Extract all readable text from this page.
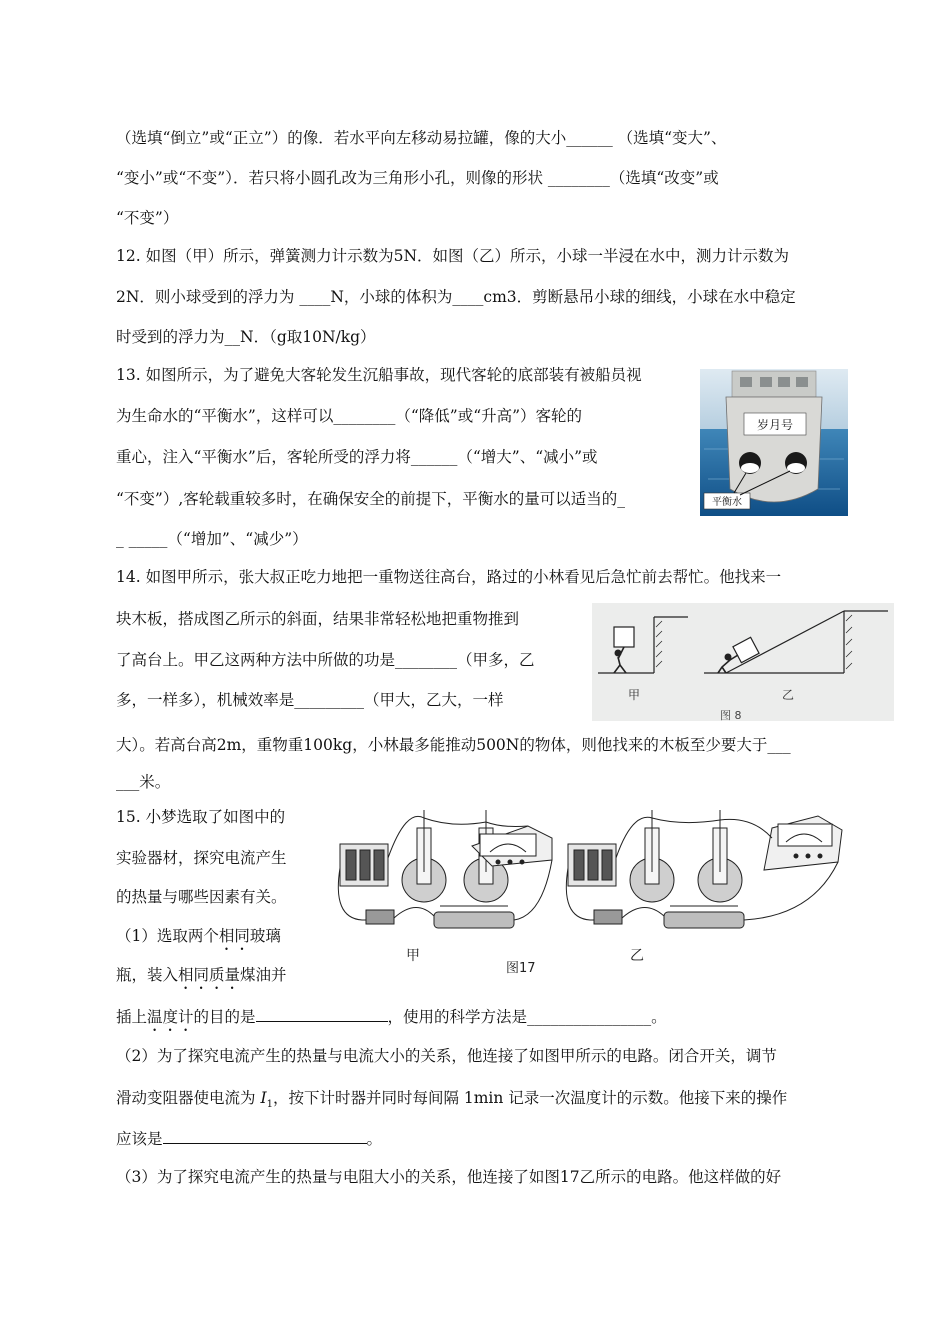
（选填“倒立”或“正立”）的像．若水平向左移动易拉罐，像的大小______ （选填“变大”、
“变小”或“不变”）．若只将小圆孔改为三角形小孔，则像的形状 ________（选填“改变”或
“不变”）
12. 如图（甲）所示，弹簧测力计示数为5N．如图（乙）所示，小球一半浸在水中，测力计示数为
2N．则小球受到的浮力为 ____N，小球的体积为____cm3．剪断悬吊小球的细线，小球在水中稳定
时受到的浮力为__N．（g取10N/kg）
13. 如图所示，为了避免大客轮发生沉船事故，现代客轮的底部装有被船员视
为生命水的“平衡水”，这样可以________（“降低”或“升高”）客轮的
重心，注入“平衡水”后，客轮所受的浮力将______（“增大”、“减小”或
“不变”）,客轮载重较多时，在确保安全的前提下，平衡水的量可以适当的_
_ _____（“增加”、“减少”）
岁月号
平衡水
14. 如图甲所示，张大叔正吃力地把一重物送往高台，路过的小林看见后急忙前去帮忙。他找来一
块木板，搭成图乙所示的斜面，结果非常轻松地把重物推到
了高台上。甲乙这两种方法中所做的功是________（甲多，乙
多，一样多），机械效率是_________（甲大，乙大，一样
大）。若高台高2m，重物重100kg，小林最多能推动500N的物体，则他找来的木板至少要大于___
___米。
甲	乙
图 8
15. 小梦选取了如图中的
实验器材，探究电流产生
的热量与哪些因素有关。
（1）选取两个相同玻璃
瓶，装入相同质量煤油并
插上温度计的目的是	，使用的科学方法是________________。
（2）为了探究电流产生的热量与电流大小的关系，他连接了如图甲所示的电路。闭合开关，调节
滑动变阻器使电流为 $I_1$，按下计时器并同时每间隔 1min 记录一次温度计的示数。他接下来的操作
应该是	。
（3）为了探究电流产生的热量与电阻大小的关系，他连接了如图17乙所示的电路。他这样做的好
甲
图17
乙
